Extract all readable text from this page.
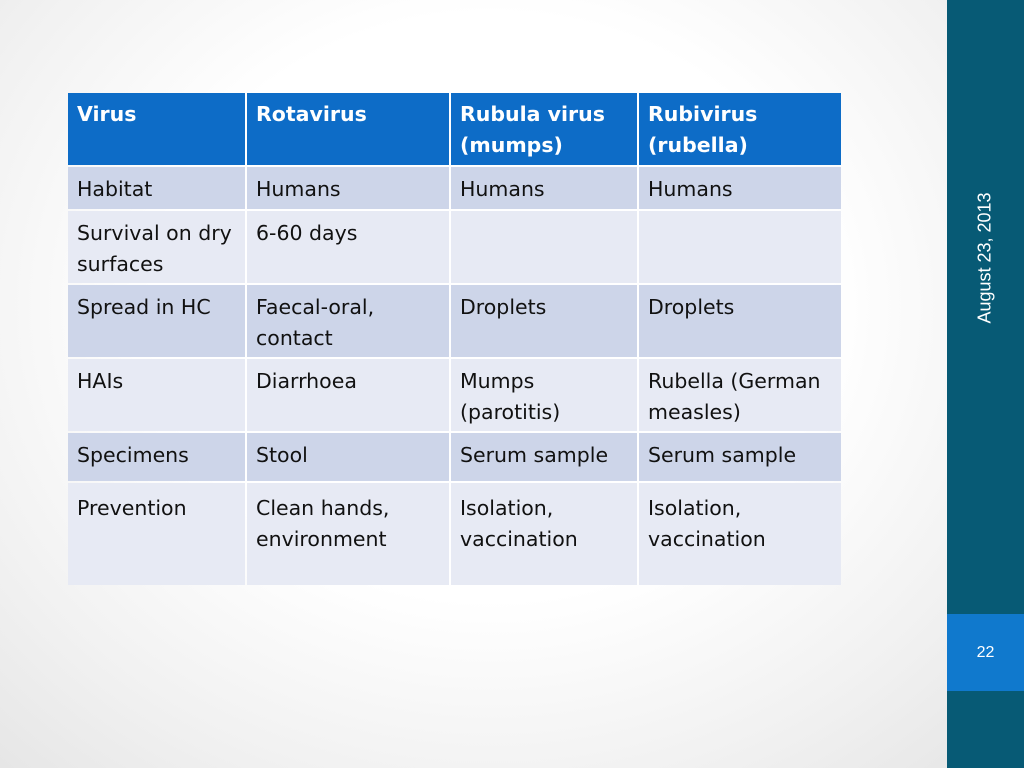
Virus	Rotavirus	Rubula virus (mumps)	Rubivirus (rubella)
Habitat	Humans	Humans	Humans
Survival on dry surfaces	6-60 days		
Spread in HC	Faecal-oral, contact	Droplets	Droplets
HAIs	Diarrhoea	Mumps (parotitis)	Rubella (German measles)
Specimens	Stool	Serum sample	Serum sample
Prevention	Clean hands, environment	Isolation, vaccination	Isolation, vaccination
August 23, 2013
22
